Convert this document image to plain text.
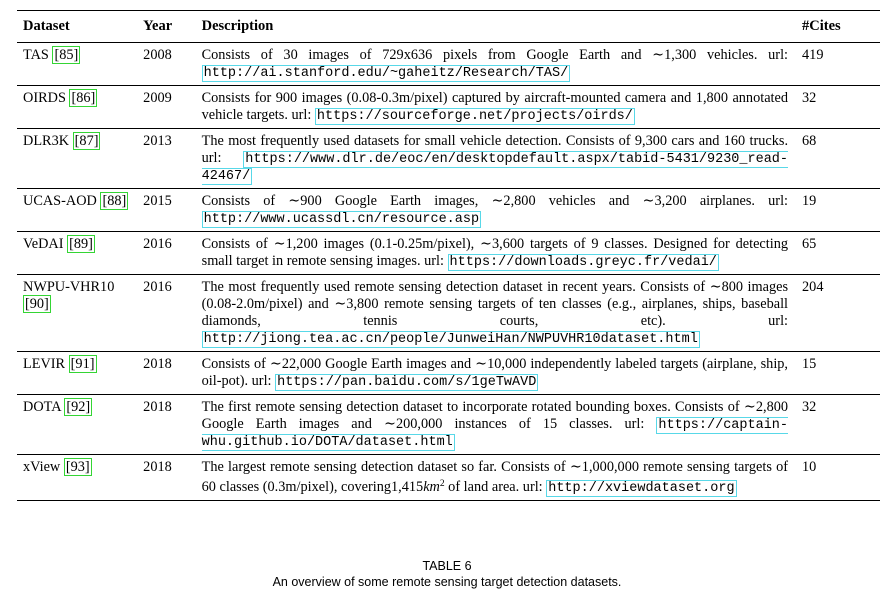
Dataset	Year	Description	#Cites
TAS [85]	2008	Consists of 30 images of 729x636 pixels from Google Earth and ∼1,300 vehicles. url: http://ai.stanford.edu/~gaheitz/Research/TAS/	419
OIRDS [86]	2009	Consists for 900 images (0.08-0.3m/pixel) captured by aircraft-mounted camera and 1,800 annotated vehicle targets. url: https://sourceforge.net/projects/oirds/	32
DLR3K [87]	2013	The most frequently used datasets for small vehicle detection. Consists of 9,300 cars and 160 trucks. url: https://www.dlr.de/eoc/en/desktopdefault.aspx/tabid-5431/9230_read-42467/	68
UCAS-AOD [88]	2015	Consists of ∼900 Google Earth images, ∼2,800 vehicles and ∼3,200 airplanes. url: http://www.ucassdl.cn/resource.asp	19
VeDAI [89]	2016	Consists of ∼1,200 images (0.1-0.25m/pixel), ∼3,600 targets of 9 classes. Designed for detecting small target in remote sensing images. url: https://downloads.greyc.fr/vedai/	65
NWPU-VHR10 [90]	2016	The most frequently used remote sensing detection dataset in recent years. Consists of ∼800 images (0.08-2.0m/pixel) and ∼3,800 remote sensing targets of ten classes (e.g., airplanes, ships, baseball diamonds, tennis courts, etc). url: http://jiong.tea.ac.cn/people/JunweiHan/NWPUVHR10dataset.html	204
LEVIR [91]	2018	Consists of ∼22,000 Google Earth images and ∼10,000 independently labeled targets (airplane, ship, oil-pot). url: https://pan.baidu.com/s/1geTwAVD	15
DOTA [92]	2018	The first remote sensing detection dataset to incorporate rotated bounding boxes. Consists of ∼2,800 Google Earth images and ∼200,000 instances of 15 classes. url: https://captain-whu.github.io/DOTA/dataset.html	32
xView [93]	2018	The largest remote sensing detection dataset so far. Consists of ∼1,000,000 remote sensing targets of 60 classes (0.3m/pixel), $covering1,415km^2$ of land area. url: http://xviewdataset.org	10
TABLE 6
An overview of some remote sensing target detection datasets.
